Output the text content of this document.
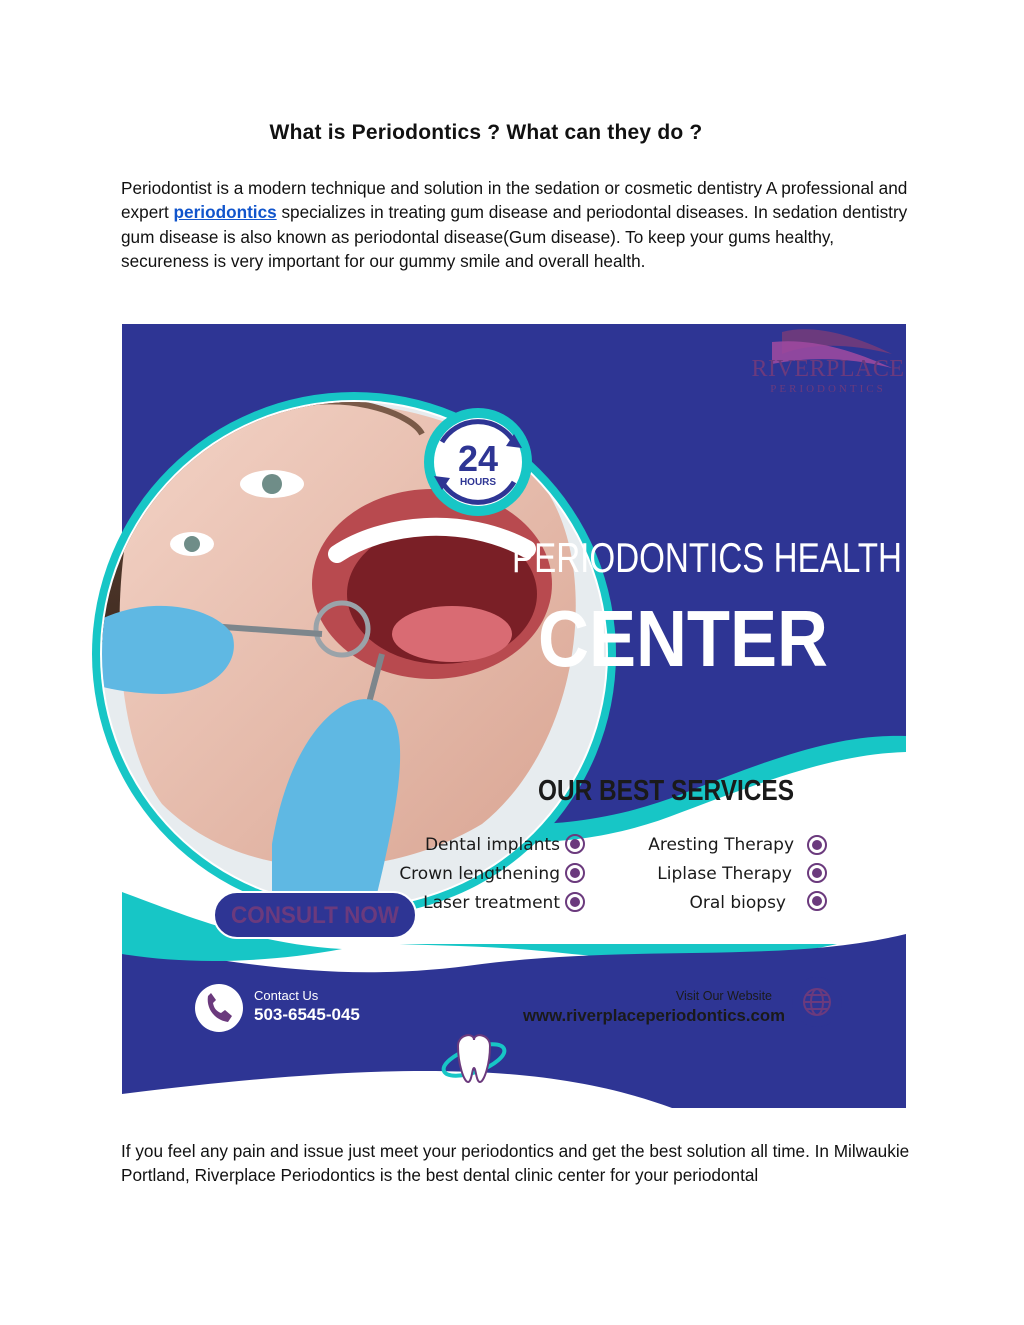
What is Periodontics ? What can they do ?

Periodontist is a modern technique and solution in the sedation or cosmetic dentistry A professional and expert periodontics specializes in treating gum disease and periodontal diseases. In sedation dentistry gum disease is also known as periodontal disease(Gum disease). To keep your gums healthy, secureness is very important for our gummy smile and overall health.

RIVERPLACE
PERIODONTICS
24
HOURS
PERIODONTICS HEALTH
CENTER
OUR BEST SERVICES
Dental implants
Crown lengthening
Laser treatment
Aresting Therapy
Liplase Therapy
Oral biopsy
CONSULT NOW
Contact Us
503-6545-045
Visit Our Website
www.riverplaceperiodontics.com

If you feel any pain and issue just meet your periodontics and get the best solution all time. In Milwaukie Portland, Riverplace Periodontics is the best dental clinic center for your periodontal
